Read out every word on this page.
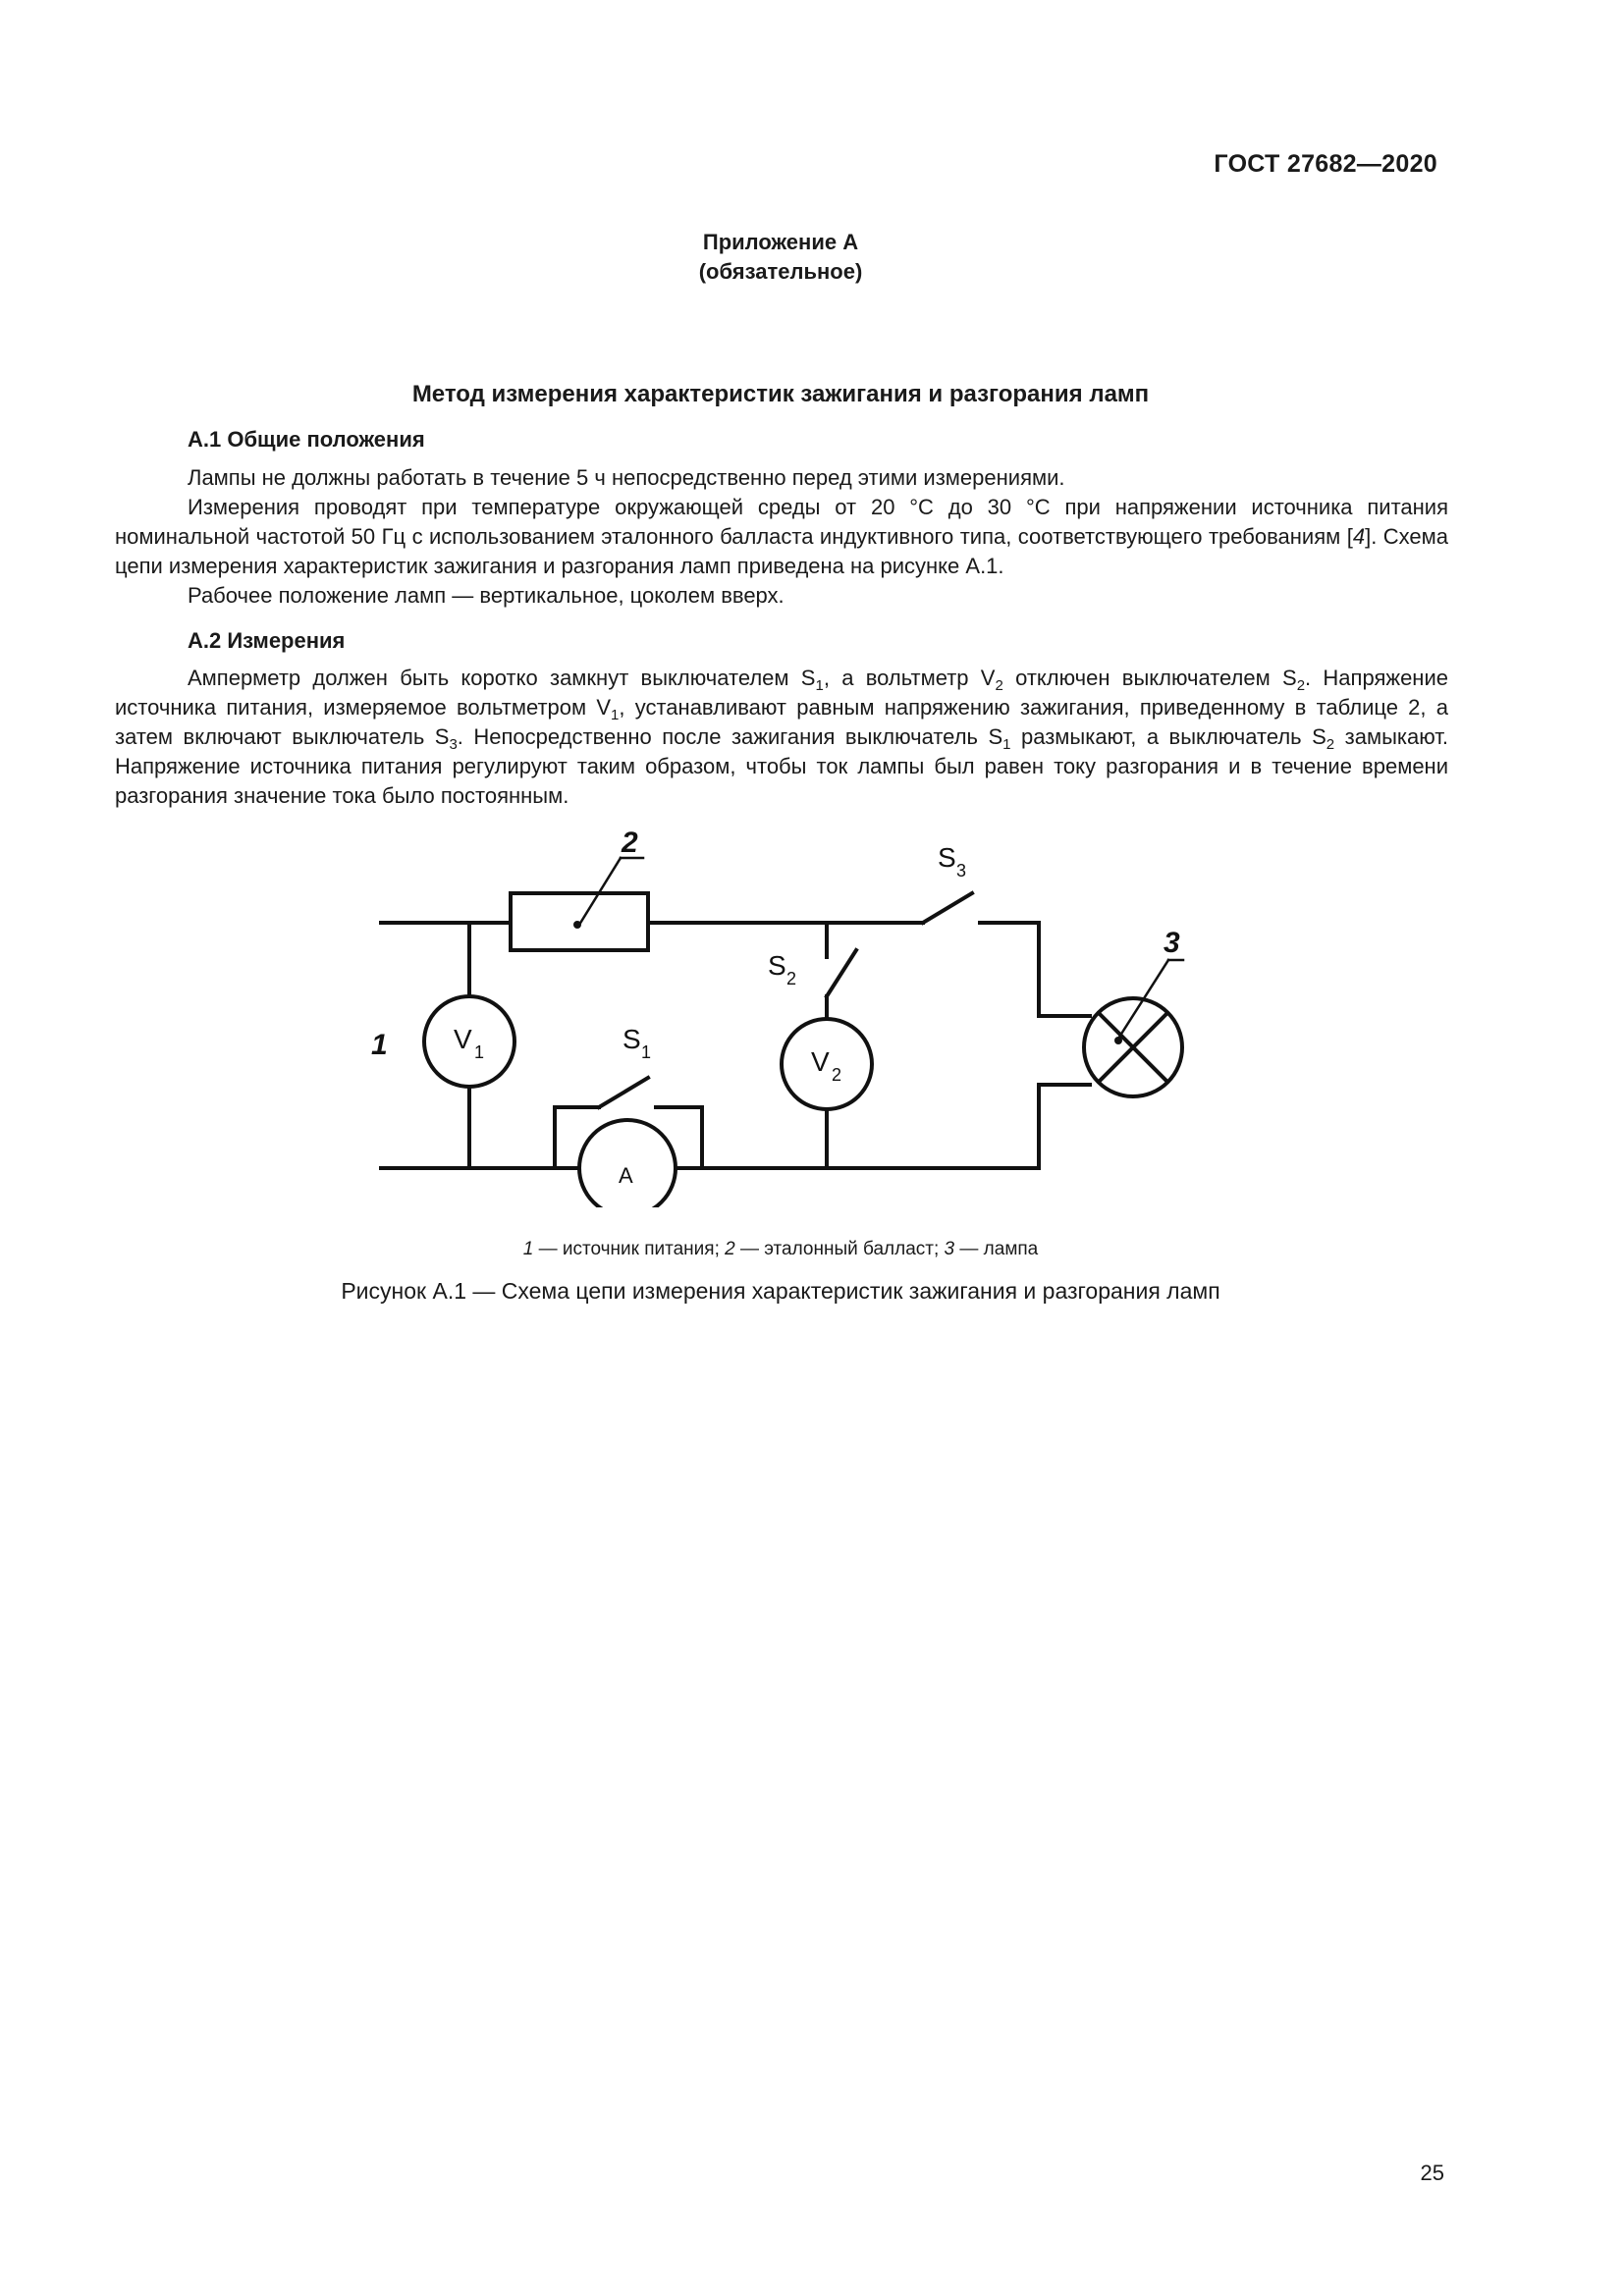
ГОСТ 27682—2020
Приложение А
(обязательное)
Метод измерения характеристик зажигания и разгорания ламп
А.1 Общие положения

Лампы не должны работать в течение 5 ч непосредственно перед этими измерениями.

Измерения проводят при температуре окружающей среды от 20 °С до 30 °С при напряжении источника питания номинальной частотой 50 Гц с использованием эталонного балласта индуктивного типа, соответствующего требованиям [4]. Схема цепи измерения характеристик зажигания и разгорания ламп приведена на рисунке А.1.

Рабочее положение ламп — вертикальное, цоколем вверх.

А.2 Измерения

Амперметр должен быть коротко замкнут выключателем $S_1$, а вольтметр $V_2$ отключен выключателем $S_2$. Напряжение источника питания, измеряемое вольтметром $V_1$, устанавливают равным напряжению зажигания, приведенному в таблице 2, а затем включают выключатель $S_3$. Непосредственно после зажигания выключатель $S_1$ размыкают, а выключатель $S_2$ замыкают. Напряжение источника питания регулируют таким образом, чтобы ток лампы был равен току разгорания и в течение времени разгорания значение тока было постоянным.

2
3
1 V 1	V 2
А
S 1
S 2
S 3
1 — источник питания; 2 — эталонный балласт; 3 — лампа
Рисунок А.1 — Схема цепи измерения характеристик зажигания и разгорания ламп
25
